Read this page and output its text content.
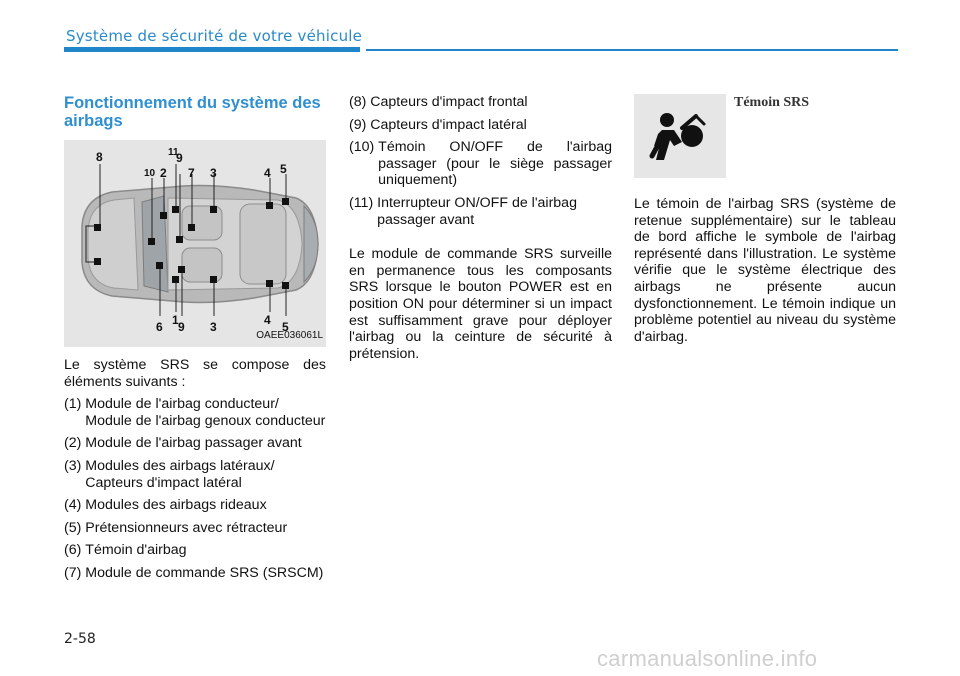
Système de sécurité de votre véhicule
Fonctionnement du système des airbags
8
10 2
11
9
7 3	4 5
1
6 9 3	4 5
OAEE036061L

Le système SRS se compose des éléments suivants :

(1) Module de l'airbag conducteur/ Module de l'airbag genoux conducteur
(2) Module de l'airbag passager avant
(3) Modules des airbags latéraux/ Capteurs d'impact latéral
(4) Modules des airbags rideaux
(5) Prétensionneurs avec rétracteur
(6) Témoin d'airbag
(7) Module de commande SRS (SRSCM)
(8) Capteurs d'impact frontal
(9) Capteurs d'impact latéral
(10) Témoin ON/OFF de l'airbag passager (pour le siège passager uniquement)
(11) Interrupteur ON/OFF de l'airbag passager avant

Le module de commande SRS surveille en permanence tous les composants SRS lorsque le bouton POWER est en position ON pour déterminer si un impact est suffisamment grave pour déployer l'airbag ou la ceinture de sécurité à prétension.

Témoin SRS

Le témoin de l'airbag SRS (système de retenue supplémentaire) sur le tableau de bord affiche le symbole de l'airbag représenté dans l'illustration. Le système vérifie que le système électrique des airbags ne présente aucun dysfonctionnement. Le témoin indique un problème potentiel au niveau du système d'airbag.

2-58
carmanualsonline.info
